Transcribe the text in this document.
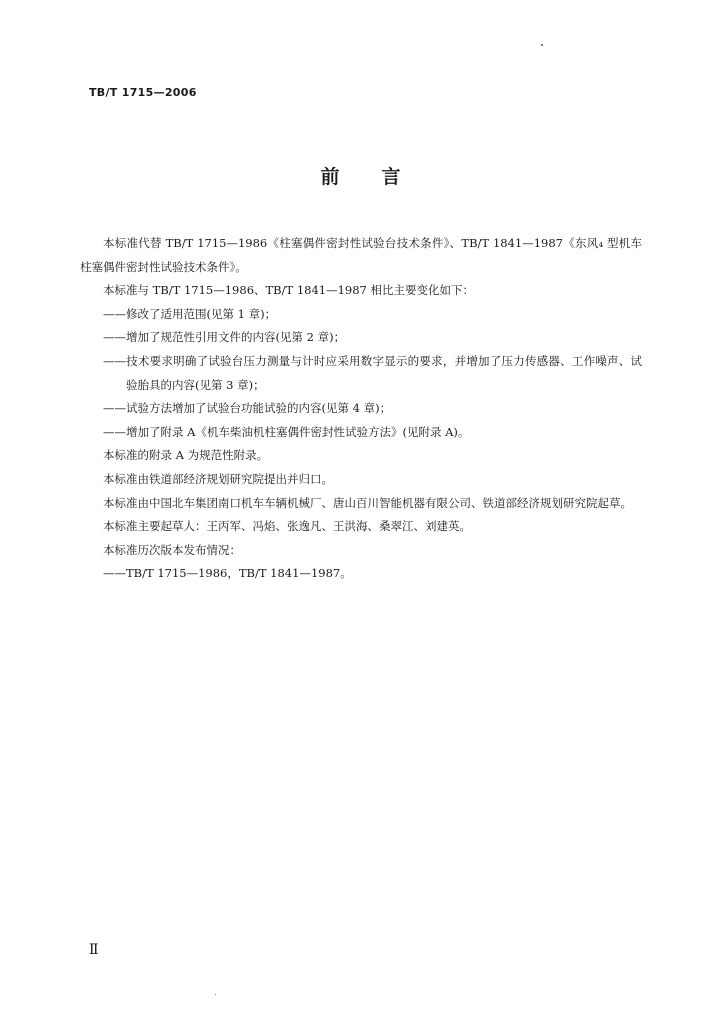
TB/T 1715—2006
前 言

本标准代替 TB/T 1715—1986《柱塞偶件密封性试验台技术条件》、TB/T 1841—1987《东风₄ 型机车柱塞偶件密封性试验技术条件》。

本标准与 TB/T 1715—1986、TB/T 1841—1987 相比主要变化如下：

——修改了适用范围(见第 1 章)；

——增加了规范性引用文件的内容(见第 2 章)；

——技术要求明确了试验台压力测量与计时应采用数字显示的要求，并增加了压力传感器、工作噪声、试验胎具的内容(见第 3 章)；

——试验方法增加了试验台功能试验的内容(见第 4 章)；

——增加了附录 A《机车柴油机柱塞偶件密封性试验方法》(见附录 A)。

本标准的附录 A 为规范性附录。

本标准由铁道部经济规划研究院提出并归口。

本标准由中国北车集团南口机车车辆机械厂、唐山百川智能机器有限公司、铁道部经济规划研究院起草。

本标准主要起草人：王丙军、冯焰、张逸凡、王洪海、桑翠江、刘建英。

本标准历次版本发布情况：

——TB/T 1715—1986，TB/T 1841—1987。

Ⅱ
